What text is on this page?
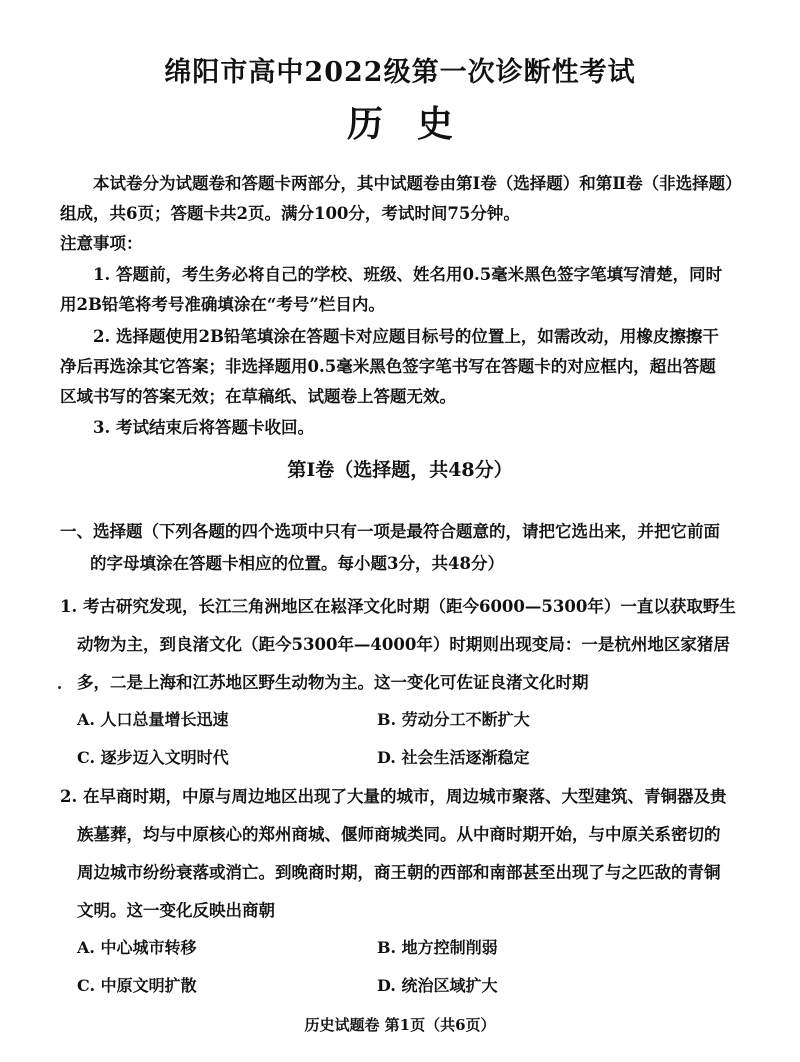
绵阳市高中2022级第一次诊断性考试
历史
本试卷分为试题卷和答题卡两部分，其中试题卷由第Ⅰ卷（选择题）和第Ⅱ卷（非选择题）
组成，共6页；答题卡共2页。满分100分，考试时间75分钟。
注意事项：
1. 答题前，考生务必将自己的学校、班级、姓名用0.5毫米黑色签字笔填写清楚，同时
用2B铅笔将考号准确填涂在“考号”栏目内。
2. 选择题使用2B铅笔填涂在答题卡对应题目标号的位置上，如需改动，用橡皮擦擦干
净后再选涂其它答案；非选择题用0.5毫米黑色签字笔书写在答题卡的对应框内，超出答题
区域书写的答案无效；在草稿纸、试题卷上答题无效。
3. 考试结束后将答题卡收回。
第Ⅰ卷（选择题，共48分）
一、选择题（下列各题的四个选项中只有一项是最符合题意的，请把它选出来，并把它前面
的字母填涂在答题卡相应的位置。每小题3分，共48分）
1. 考古研究发现，长江三角洲地区在崧泽文化时期（距今6000—5300年）一直以获取野生
动物为主，到良渚文化（距今5300年—4000年）时期则出现变局：一是杭州地区家猪居
多，二是上海和江苏地区野生动物为主。这一变化可佐证良渚文化时期
A. 人口总量增长迅速	B. 劳动分工不断扩大
C. 逐步迈入文明时代	D. 社会生活逐渐稳定
2. 在早商时期，中原与周边地区出现了大量的城市，周边城市聚落、大型建筑、青铜器及贵
族墓葬，均与中原核心的郑州商城、偃师商城类同。从中商时期开始，与中原关系密切的
周边城市纷纷衰落或消亡。到晚商时期，商王朝的西部和南部甚至出现了与之匹敌的青铜
文明。这一变化反映出商朝
A. 中心城市转移	B. 地方控制削弱
C. 中原文明扩散	D. 统治区域扩大
历史试题卷 第1页（共6页）
